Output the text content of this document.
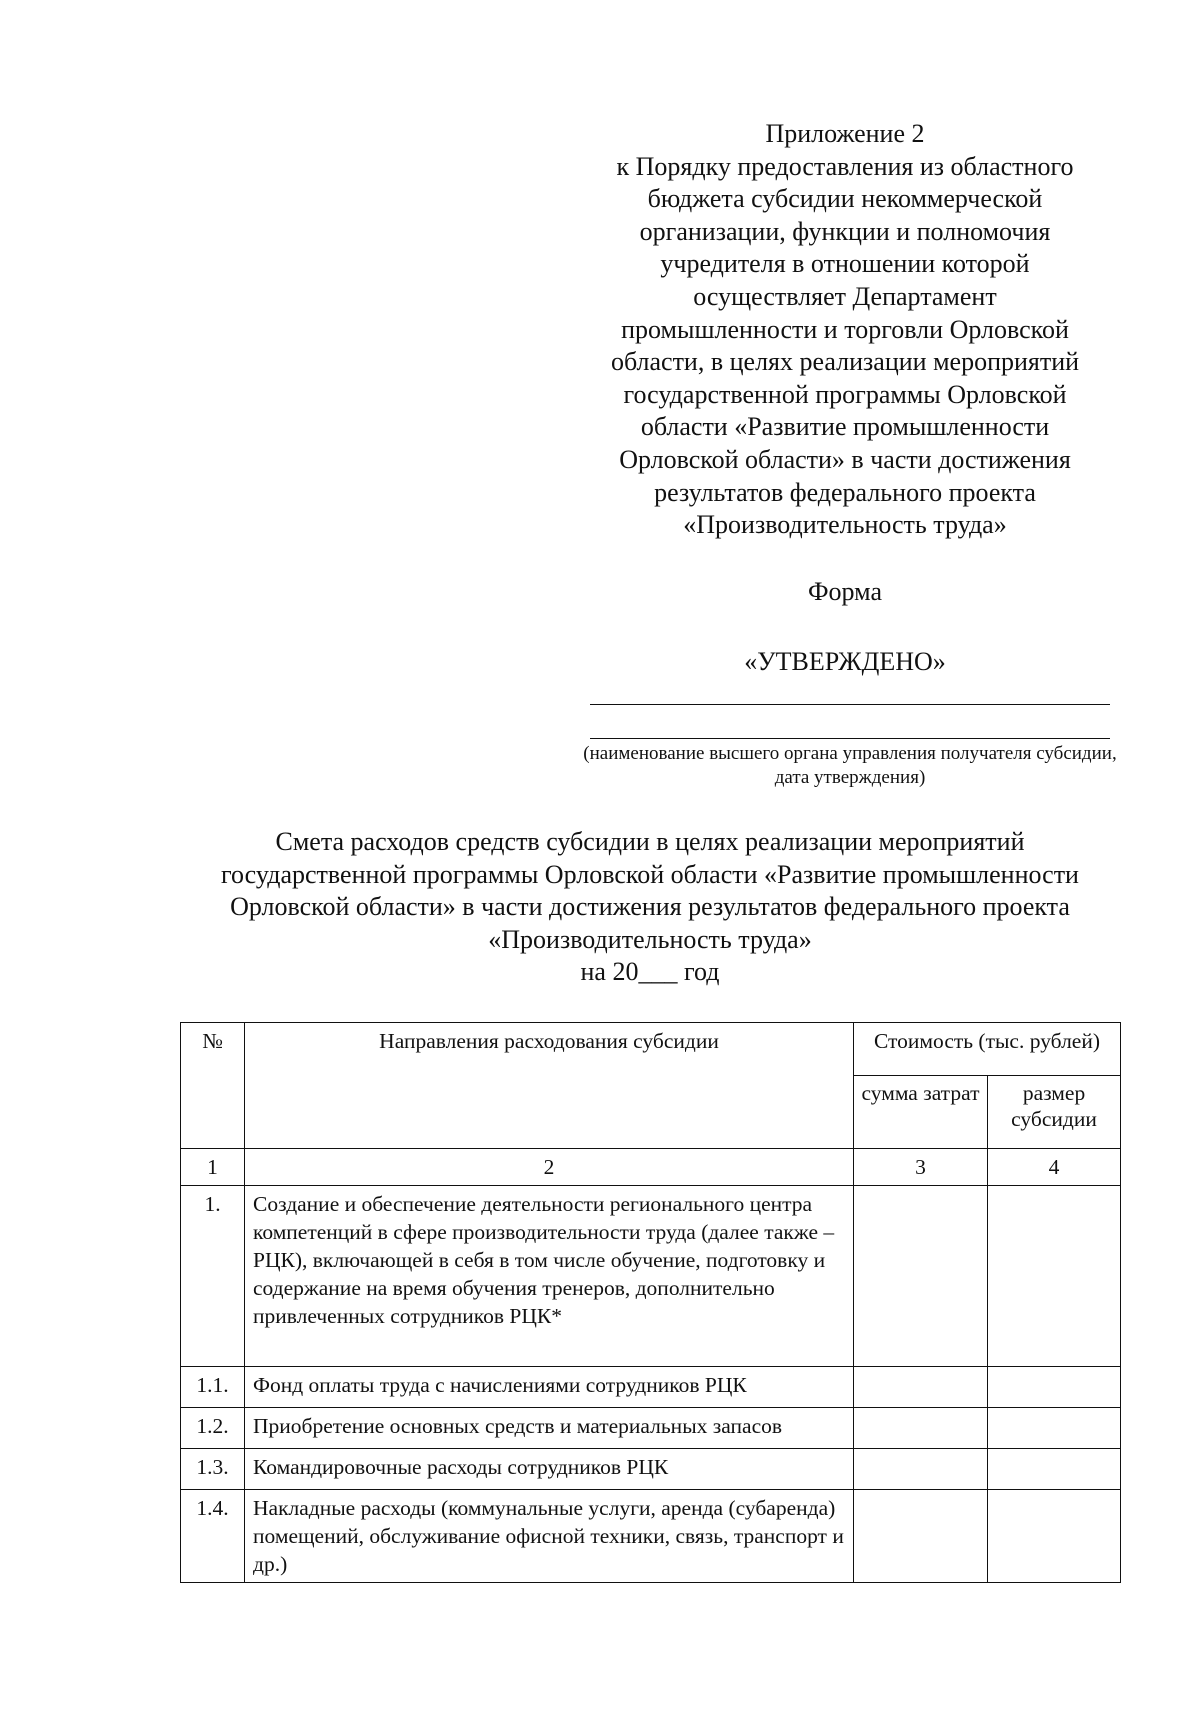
Приложение 2
к Порядку предоставления из областного
бюджета субсидии некоммерческой
организации, функции и полномочия
учредителя в отношении которой
осуществляет Департамент
промышленности и торговли Орловской
области, в целях реализации мероприятий
государственной программы Орловской
области «Развитие промышленности
Орловской области» в части достижения
результатов федерального проекта
«Производительность труда»
Форма
«УТВЕРЖДЕНО»
(наименование высшего органа управления получателя субсидии, дата утверждения)
Смета расходов средств субсидии в целях реализации мероприятий
государственной программы Орловской области «Развитие промышленности
Орловской области» в части достижения результатов федерального проекта
«Производительность труда»
на 20___ год
№	Направления расходования субсидии	Стоимость (тыс. рублей)	
		сумма затрат	размер субсидии
1	2	3	4
1.	Создание и обеспечение деятельности регионального центра компетенций в сфере производительности труда (далее также – РЦК), включающей в себя в том числе обучение, подготовку и содержание на время обучения тренеров, дополнительно привлеченных сотрудников РЦК*		
1.1.	Фонд оплаты труда с начислениями сотрудников РЦК		
1.2.	Приобретение основных средств и материальных запасов		
1.3.	Командировочные расходы сотрудников РЦК		
1.4.	Накладные расходы (коммунальные услуги, аренда (субаренда) помещений, обслуживание офисной техники, связь, транспорт и др.)		
